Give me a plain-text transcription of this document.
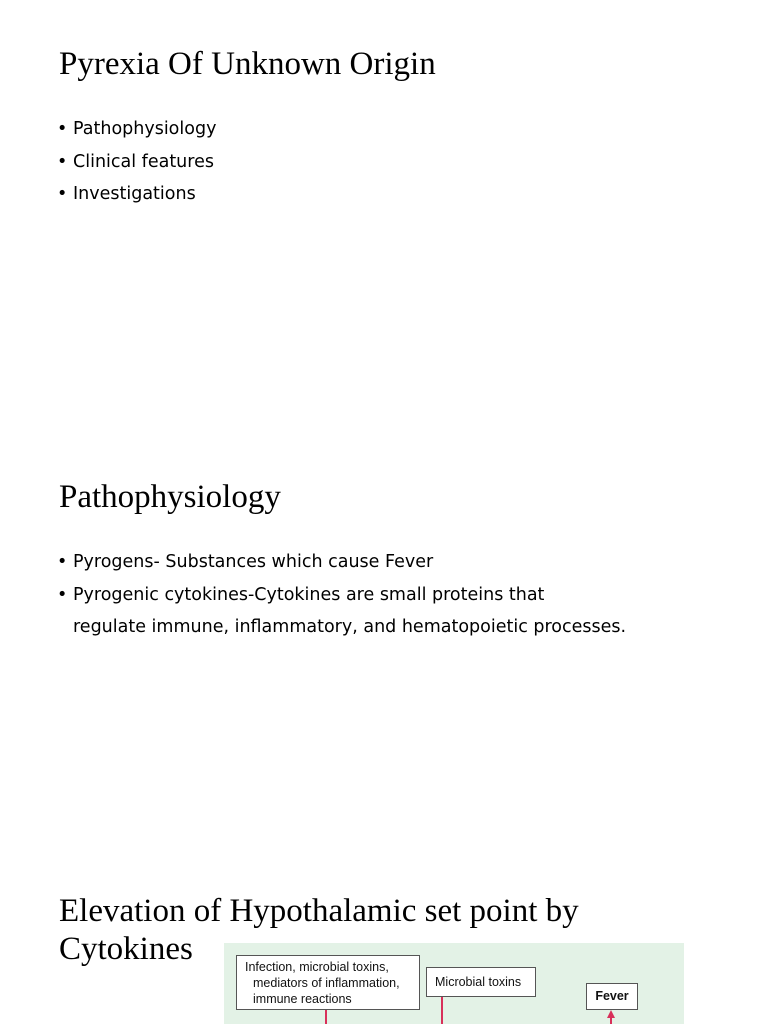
Pyrexia Of Unknown Origin
• Pathophysiology
• Clinical features
• Investigations
Pathophysiology
• Pyrogens- Substances which cause Fever
• Pyrogenic cytokines-Cytokines are small proteins that
regulate immune, inflammatory, and hematopoietic processes.
Elevation of Hypothalamic set point by
Cytokines	Infection, microbial toxins,
mediators of inflammation,
immune reactions
Microbial toxins
Fever
